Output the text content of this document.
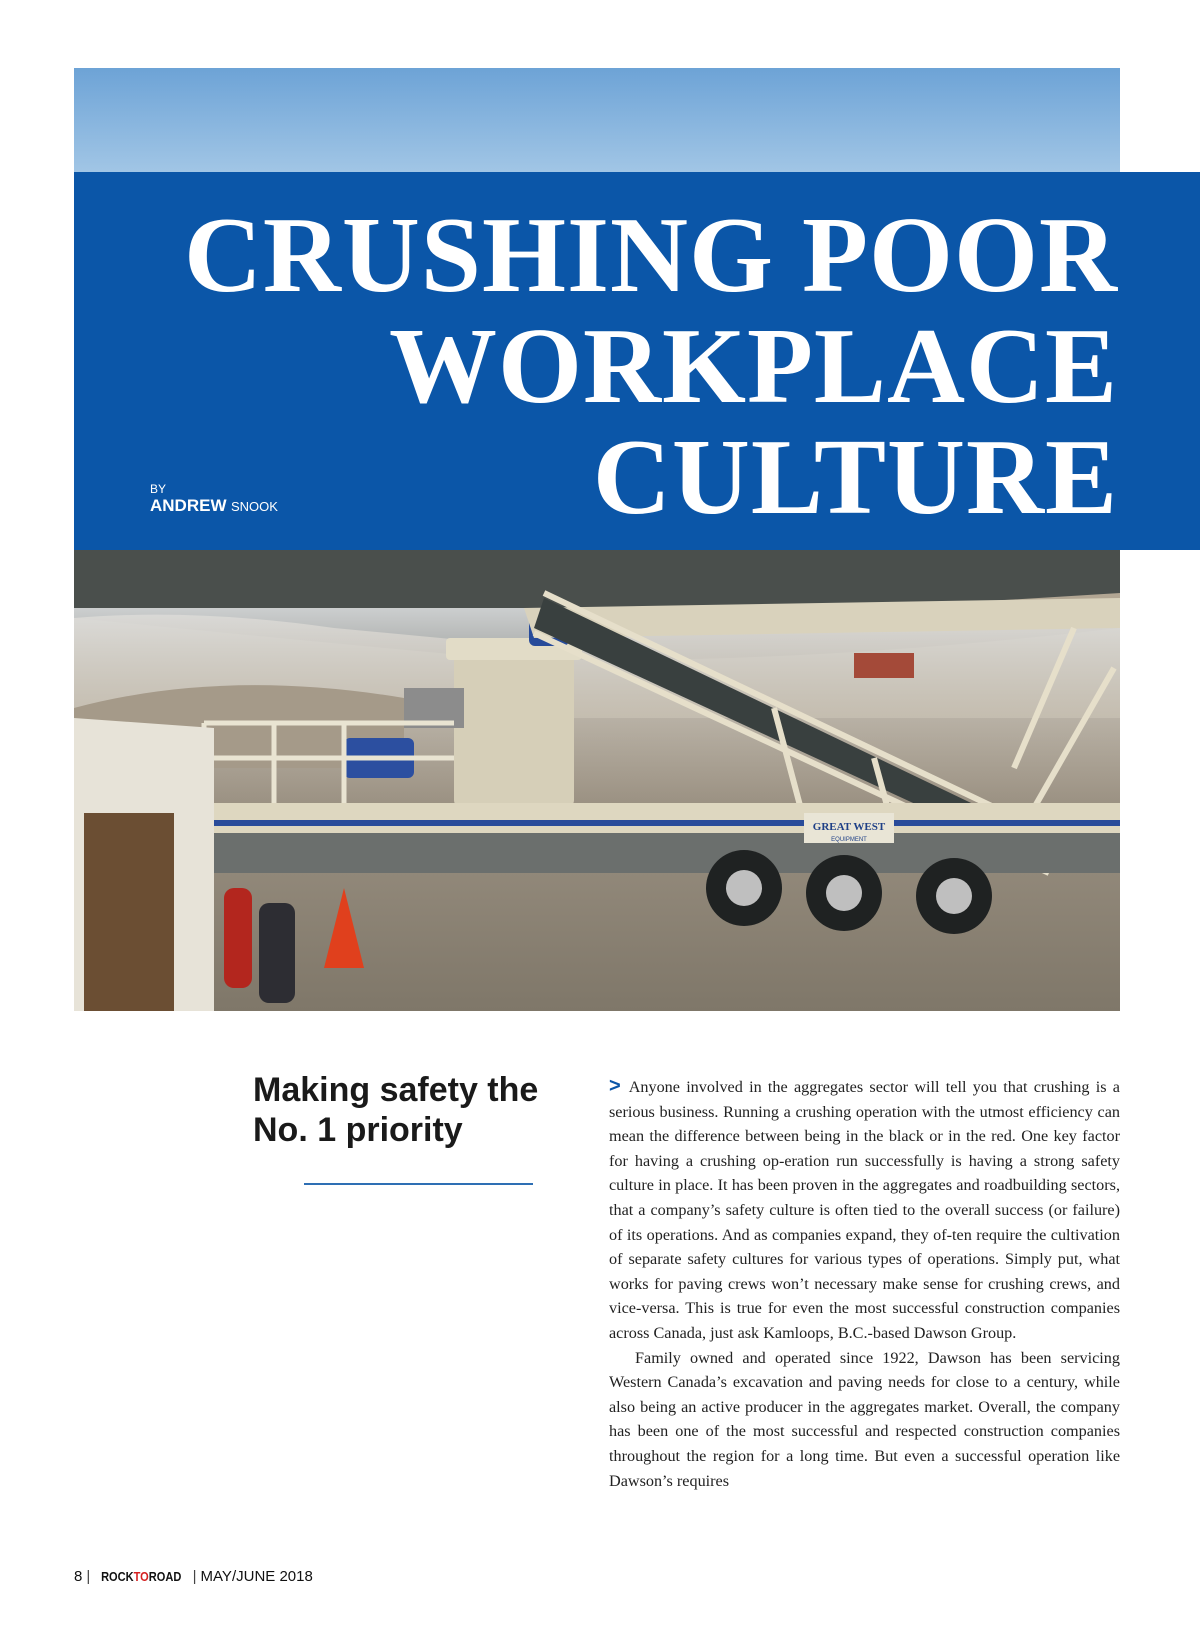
GREAT WEST
EQUIPMENT
CRUSHING POOR
WORKPLACE
CULTURE
BY
ANDREW SNOOK
Making safety the No. 1 priority

> Anyone involved in the aggregates sector will tell you that crushing is a serious business. Running a crushing operation with the utmost efficiency can mean the difference between being in the black or in the red. One key factor for having a crushing op-eration run successfully is having a strong safety culture in place. It has been proven in the aggregates and roadbuilding sectors, that a company’s safety culture is often tied to the overall success (or failure) of its operations. And as companies expand, they of-ten require the cultivation of separate safety cultures for various types of operations. Simply put, what works for paving crews won’t necessary make sense for crushing crews, and vice-versa. This is true for even the most successful construction companies across Canada, just ask Kamloops, B.C.-based Dawson Group.

Family owned and operated since 1922, Dawson has been servicing Western Canada’s excavation and paving needs for close to a century, while also being an active producer in the aggregates market. Overall, the company has been one of the most successful and respected construction companies throughout the region for a long time. But even a successful operation like Dawson’s requires

8 | ROCKTOROAD | MAY/JUNE 2018
